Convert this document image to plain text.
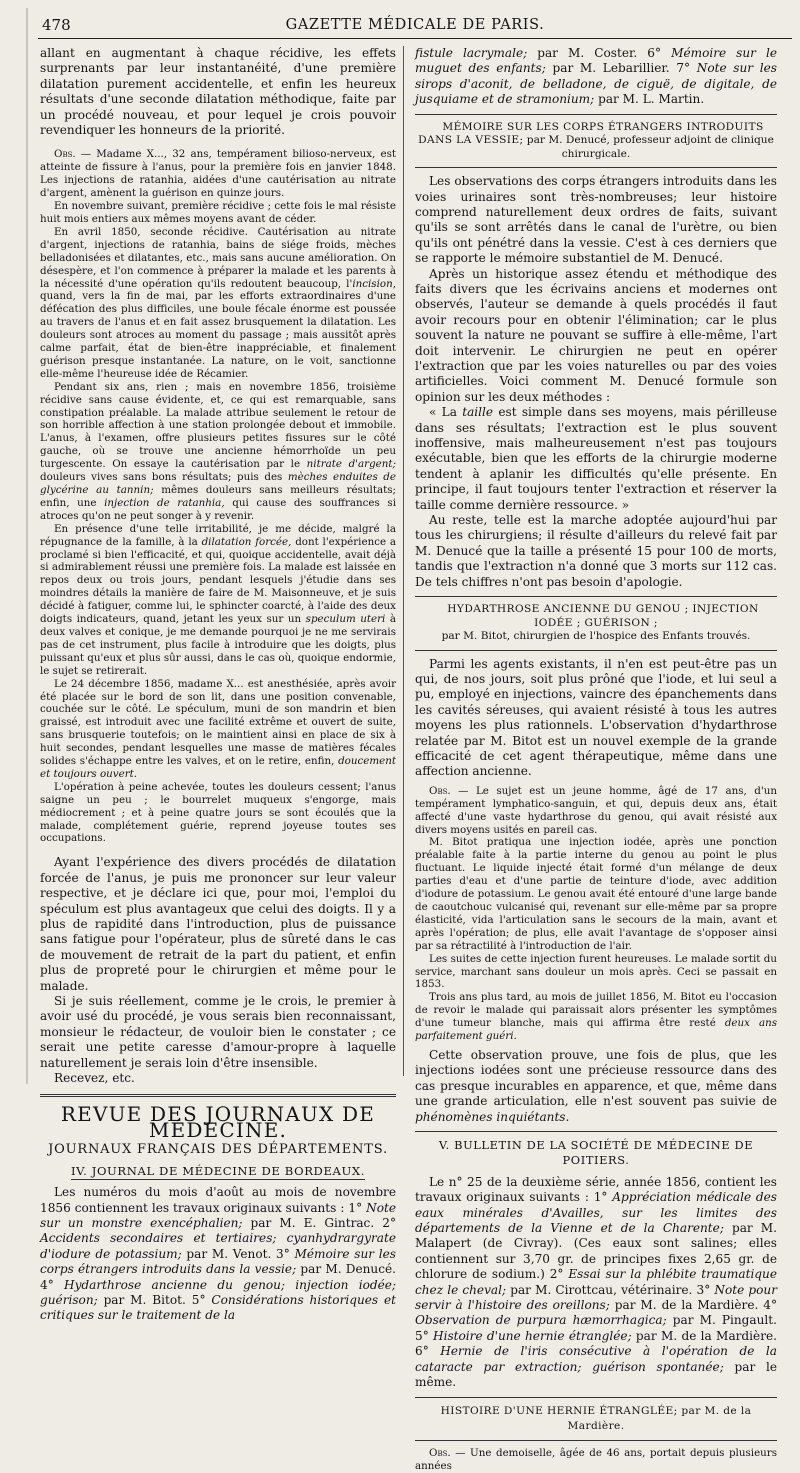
478	GAZETTE MÉDICALE DE PARIS.

allant en augmentant à chaque récidive, les effets surprenants par leur instantanéité, d'une première dilatation purement accidentelle, et enfin les heureux résultats d'une seconde dilatation méthodique, faite par un procédé nouveau, et pour lequel je crois pouvoir revendiquer les honneurs de la priorité.

Obs. — Madame X..., 32 ans, tempérament bilioso-nerveux, est atteinte de fissure à l'anus, pour la première fois en janvier 1848. Les injections de ratanhia, aidées d'une cautérisation au nitrate d'argent, amènent la guérison en quinze jours.

En novembre suivant, première récidive ; cette fois le mal résiste huit mois entiers aux mêmes moyens avant de céder.

En avril 1850, seconde récidive. Cautérisation au nitrate d'argent, injections de ratanhia, bains de siége froids, mèches belladonisées et dilatantes, etc., mais sans aucune amélioration. On désespère, et l'on commence à préparer la malade et les parents à la nécessité d'une opération qu'ils redoutent beaucoup, l'incision, quand, vers la fin de mai, par les efforts extraordinaires d'une défécation des plus difficiles, une boule fécale énorme est poussée au travers de l'anus et en fait assez brusquement la dilatation. Les douleurs sont atroces au moment du passage ; mais aussitôt après calme parfait, état de bien-être inappréciable, et finalement guérison presque instantanée. La nature, on le voit, sanctionne elle-même l'heureuse idée de Récamier.

Pendant six ans, rien ; mais en novembre 1856, troisième récidive sans cause évidente, et, ce qui est remarquable, sans constipation préalable. La malade attribue seulement le retour de son horrible affection à une station prolongée debout et immobile. L'anus, à l'examen, offre plusieurs petites fissures sur le côté gauche, où se trouve une ancienne hémorrhoïde un peu turgescente. On essaye la cautérisation par le nitrate d'argent; douleurs vives sans bons résultats; puis des mèches enduites de glycérine au tannin; mêmes douleurs sans meilleurs résultats; enfin, une injection de ratanhia, qui cause des souffrances si atroces qu'on ne peut songer à y revenir.

En présence d'une telle irritabilité, je me décide, malgré la répugnance de la famille, à la dilatation forcée, dont l'expérience a proclamé si bien l'efficacité, et qui, quoique accidentelle, avait déjà si admirablement réussi une première fois. La malade est laissée en repos deux ou trois jours, pendant lesquels j'étudie dans ses moindres détails la manière de faire de M. Maisonneuve, et je suis décidé à fatiguer, comme lui, le sphincter coarcté, à l'aide des deux doigts indicateurs, quand, jetant les yeux sur un speculum uteri à deux valves et conique, je me demande pourquoi je ne me servirais pas de cet instrument, plus facile à introduire que les doigts, plus puissant qu'eux et plus sûr aussi, dans le cas où, quoique endormie, le sujet se retirerait.

Le 24 décembre 1856, madame X... est anesthésiée, après avoir été placée sur le bord de son lit, dans une position convenable, couchée sur le côté. Le spéculum, muni de son mandrin et bien graissé, est introduit avec une facilité extrême et ouvert de suite, sans brusquerie toutefois; on le maintient ainsi en place de six à huit secondes, pendant lesquelles une masse de matières fécales solides s'échappe entre les valves, et on le retire, enfin, doucement et toujours ouvert.

L'opération à peine achevée, toutes les douleurs cessent; l'anus saigne un peu ; le bourrelet muqueux s'engorge, mais médiocrement ; et à peine quatre jours se sont écoulés que la malade, complétement guérie, reprend joyeuse toutes ses occupations.

Ayant l'expérience des divers procédés de dilatation forcée de l'anus, je puis me prononcer sur leur valeur respective, et je déclare ici que, pour moi, l'emploi du spéculum est plus avantageux que celui des doigts. Il y a plus de rapidité dans l'introduction, plus de puissance sans fatigue pour l'opérateur, plus de sûreté dans le cas de mouvement de retrait de la part du patient, et enfin plus de propreté pour le chirurgien et même pour le malade.

Si je suis réellement, comme je le crois, le premier à avoir usé du procédé, je vous serais bien reconnaissant, monsieur le rédacteur, de vouloir bien le constater ; ce serait une petite caresse d'amour-propre à laquelle naturellement je serais loin d'être insensible.

Recevez, etc.

REVUE DES JOURNAUX DE MÉDECINE.
JOURNAUX FRANÇAIS DES DÉPARTEMENTS.
IV. JOURNAL DE MÉDECINE DE BORDEAUX.

Les numéros du mois d'août au mois de novembre 1856 contiennent les travaux originaux suivants : 1° Note sur un monstre exencéphalien; par M. E. Gintrac. 2° Accidents secondaires et tertiaires; cyanhydrargyrate d'iodure de potassium; par M. Venot. 3° Mémoire sur les corps étrangers introduits dans la vessie; par M. Denucé. 4° Hydarthrose ancienne du genou; injection iodée; guérison; par M. Bitot. 5° Considérations historiques et critiques sur le traitement de la

fistule lacrymale; par M. Coster. 6° Mémoire sur le muguet des enfants; par M. Lebarillier. 7° Note sur les sirops d'aconit, de belladone, de ciguë, de digitale, de jusquiame et de stramonium; par M. L. Martin.

MÉMOIRE SUR LES CORPS ÉTRANGERS INTRODUITS DANS LA VESSIE; par M. Denucé, professeur adjoint de clinique chirurgicale.

Les observations des corps étrangers introduits dans les voies urinaires sont très-nombreuses; leur histoire comprend naturellement deux ordres de faits, suivant qu'ils se sont arrêtés dans le canal de l'urètre, ou bien qu'ils ont pénétré dans la vessie. C'est à ces derniers que se rapporte le mémoire substantiel de M. Denucé.

Après un historique assez étendu et méthodique des faits divers que les écrivains anciens et modernes ont observés, l'auteur se demande à quels procédés il faut avoir recours pour en obtenir l'élimination; car le plus souvent la nature ne pouvant se suffire à elle-même, l'art doit intervenir. Le chirurgien ne peut en opérer l'extraction que par les voies naturelles ou par des voies artificielles. Voici comment M. Denucé formule son opinion sur les deux méthodes :

« La taille est simple dans ses moyens, mais périlleuse dans ses résultats; l'extraction est le plus souvent inoffensive, mais malheureusement n'est pas toujours exécutable, bien que les efforts de la chirurgie moderne tendent à aplanir les difficultés qu'elle présente. En principe, il faut toujours tenter l'extraction et réserver la taille comme dernière ressource. »

Au reste, telle est la marche adoptée aujourd'hui par tous les chirurgiens; il résulte d'ailleurs du relevé fait par M. Denucé que la taille a présenté 15 pour 100 de morts, tandis que l'extraction n'a donné que 3 morts sur 112 cas. De tels chiffres n'ont pas besoin d'apologie.

HYDARTHROSE ANCIENNE DU GENOU ; INJECTION IODÉE ; GUÉRISON ;
par M. Bitot, chirurgien de l'hospice des Enfants trouvés.

Parmi les agents existants, il n'en est peut-être pas un qui, de nos jours, soit plus prôné que l'iode, et lui seul a pu, employé en injections, vaincre des épanchements dans les cavités séreuses, qui avaient résisté à tous les autres moyens les plus rationnels. L'observation d'hydarthrose relatée par M. Bitot est un nouvel exemple de la grande efficacité de cet agent thérapeutique, même dans une affection ancienne.

Obs. — Le sujet est un jeune homme, âgé de 17 ans, d'un tempérament lymphatico-sanguin, et qui, depuis deux ans, était affecté d'une vaste hydarthrose du genou, qui avait résisté aux divers moyens usités en pareil cas.

M. Bitot pratiqua une injection iodée, après une ponction préalable faite à la partie interne du genou au point le plus fluctuant. Le liquide injecté était formé d'un mélange de deux parties d'eau et d'une partie de teinture d'iode, avec addition d'iodure de potassium. Le genou avait été entouré d'une large bande de caoutchouc vulcanisé qui, revenant sur elle-même par sa propre élasticité, vida l'articulation sans le secours de la main, avant et après l'opération; de plus, elle avait l'avantage de s'opposer ainsi par sa rétractilité à l'introduction de l'air.

Les suites de cette injection furent heureuses. Le malade sortit du service, marchant sans douleur un mois après. Ceci se passait en 1853.

Trois ans plus tard, au mois de juillet 1856, M. Bitot eu l'occasion de revoir le malade qui paraissait alors présenter les symptômes d'une tumeur blanche, mais qui affirma être resté deux ans parfaitement guéri.

Cette observation prouve, une fois de plus, que les injections iodées sont une précieuse ressource dans des cas presque incurables en apparence, et que, même dans une grande articulation, elle n'est souvent pas suivie de phénomènes inquiétants.

V. BULLETIN DE LA SOCIÉTÉ DE MÉDECINE DE POITIERS.

Le n° 25 de la deuxième série, année 1856, contient les travaux originaux suivants : 1° Appréciation médicale des eaux minérales d'Availles, sur les limites des départements de la Vienne et de la Charente; par M. Malapert (de Civray). (Ces eaux sont salines; elles contiennent sur 3,70 gr. de principes fixes 2,65 gr. de chlorure de sodium.) 2° Essai sur la phlébite traumatique chez le cheval; par M. Cirottcau, vétérinaire. 3° Note pour servir à l'histoire des oreillons; par M. de la Mardière. 4° Observation de purpura hæmorrhagica; par M. Pingault. 5° Histoire d'une hernie étranglée; par M. de la Mardière. 6° Hernie de l'iris consécutive à l'opération de la cataracte par extraction; guérison spontanée; par le même.

HISTOIRE D'UNE HERNIE ÉTRANGLÉE; par M. de la Mardière.

Obs. — Une demoiselle, âgée de 46 ans, portait depuis plusieurs années
